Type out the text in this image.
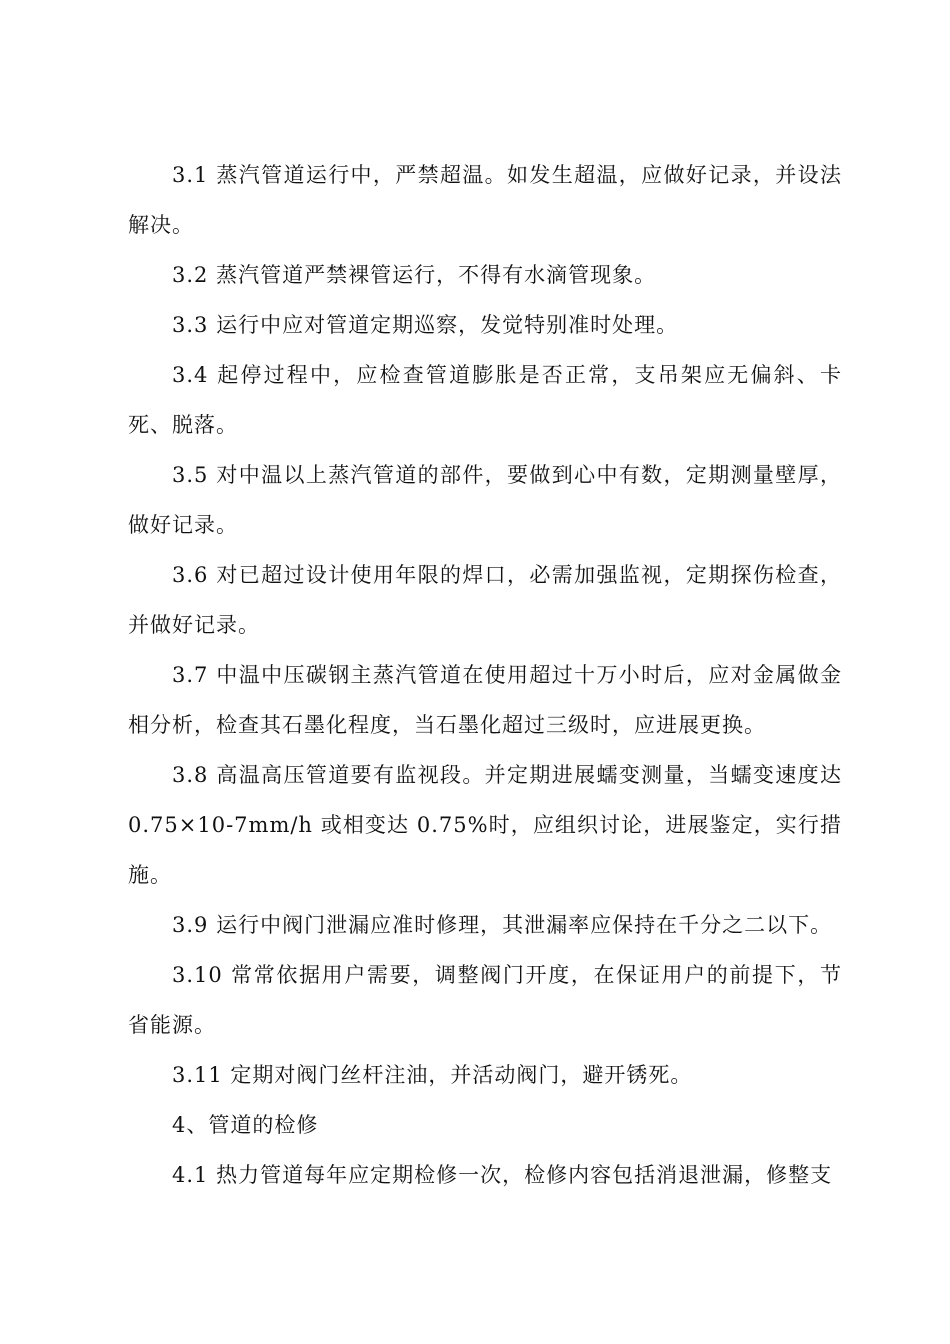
3.1 蒸汽管道运行中，严禁超温。如发生超温，应做好记录，并设法解决。

3.2 蒸汽管道严禁裸管运行，不得有水滴管现象。

3.3 运行中应对管道定期巡察，发觉特别准时处理。

3.4 起停过程中，应检查管道膨胀是否正常，支吊架应无偏斜、卡死、脱落。

3.5 对中温以上蒸汽管道的部件，要做到心中有数，定期测量壁厚，做好记录。

3.6 对已超过设计使用年限的焊口，必需加强监视，定期探伤检查，并做好记录。

3.7 中温中压碳钢主蒸汽管道在使用超过十万小时后，应对金属做金相分析，检查其石墨化程度，当石墨化超过三级时，应进展更换。

3.8 高温高压管道要有监视段。并定期进展蠕变测量，当蠕变速度达0.75×10-7mm/h 或相变达 0.75%时，应组织讨论，进展鉴定，实行措施。

3.9 运行中阀门泄漏应准时修理，其泄漏率应保持在千分之二以下。

3.10 常常依据用户需要，调整阀门开度，在保证用户的前提下，节省能源。

3.11 定期对阀门丝杆注油，并活动阀门，避开锈死。

4、管道的检修

4.1 热力管道每年应定期检修一次，检修内容包括消退泄漏，修整支
